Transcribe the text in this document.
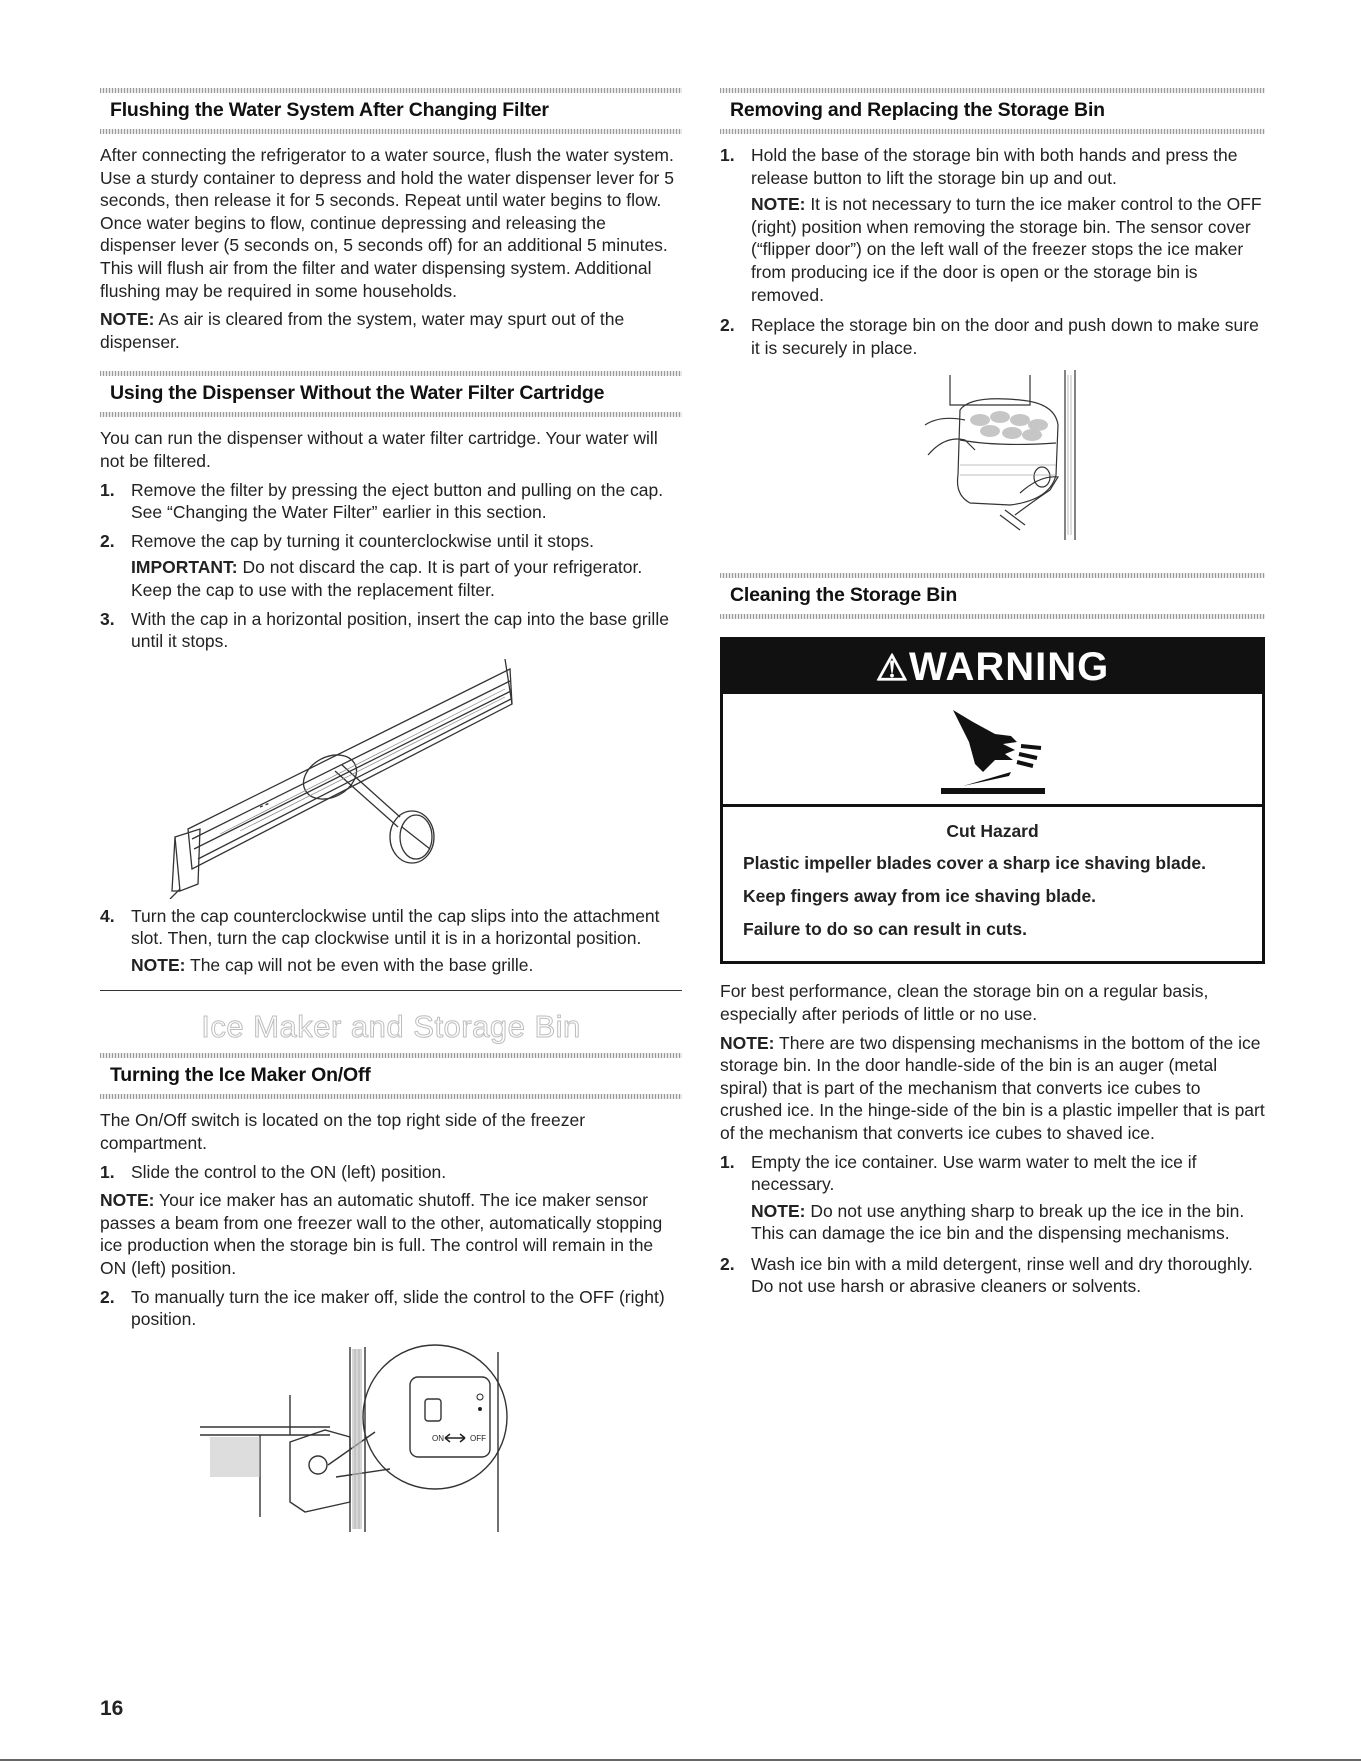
Flushing the Water System After Changing Filter

After connecting the refrigerator to a water source, flush the water system. Use a sturdy container to depress and hold the water dispenser lever for 5 seconds, then release it for 5 seconds. Repeat until water begins to flow. Once water begins to flow, continue depressing and releasing the dispenser lever (5 seconds on, 5 seconds off) for an additional 5 minutes. This will flush air from the filter and water dispensing system. Additional flushing may be required in some households.

NOTE: As air is cleared from the system, water may spurt out of the dispenser.

Using the Dispenser Without the Water Filter Cartridge

You can run the dispenser without a water filter cartridge. Your water will not be filtered.

1. Remove the filter by pressing the eject button and pulling on the cap. See “Changing the Water Filter” earlier in this section.
2. Remove the cap by turning it counterclockwise until it stops.

IMPORTANT: Do not discard the cap. It is part of your refrigerator. Keep the cap to use with the replacement filter.

3. With the cap in a horizontal position, insert the cap into the base grille until it stops.
4. Turn the cap counterclockwise until the cap slips into the attachment slot. Then, turn the cap clockwise until it is in a horizontal position.

NOTE: The cap will not be even with the base grille.

Ice Maker and Storage Bin
Turning the Ice Maker On/Off

The On/Off switch is located on the top right side of the freezer compartment.

1. Slide the control to the ON (left) position.

NOTE: Your ice maker has an automatic shutoff. The ice maker sensor passes a beam from one freezer wall to the other, automatically stopping ice production when the storage bin is full. The control will remain in the ON (left) position.

2. To manually turn the ice maker off, slide the control to the OFF (right) position.
ON	OFF
Removing and Replacing the Storage Bin
1. Hold the base of the storage bin with both hands and press the release button to lift the storage bin up and out.

NOTE: It is not necessary to turn the ice maker control to the OFF (right) position when removing the storage bin. The sensor cover (“flipper door”) on the left wall of the freezer stops the ice maker from producing ice if the door is open or the storage bin is removed.

2. Replace the storage bin on the door and push down to make sure it is securely in place.
Cleaning the Storage Bin
⚠WARNING
Cut Hazard
Plastic impeller blades cover a sharp ice shaving blade.
Keep fingers away from ice shaving blade.
Failure to do so can result in cuts.

For best performance, clean the storage bin on a regular basis, especially after periods of little or no use.

NOTE: There are two dispensing mechanisms in the bottom of the ice storage bin. In the door handle-side of the bin is an auger (metal spiral) that is part of the mechanism that converts ice cubes to crushed ice. In the hinge-side of the bin is a plastic impeller that is part of the mechanism that converts ice cubes to shaved ice.

1. Empty the ice container. Use warm water to melt the ice if necessary.

NOTE: Do not use anything sharp to break up the ice in the bin. This can damage the ice bin and the dispensing mechanisms.

2. Wash ice bin with a mild detergent, rinse well and dry thoroughly. Do not use harsh or abrasive cleaners or solvents.
16
